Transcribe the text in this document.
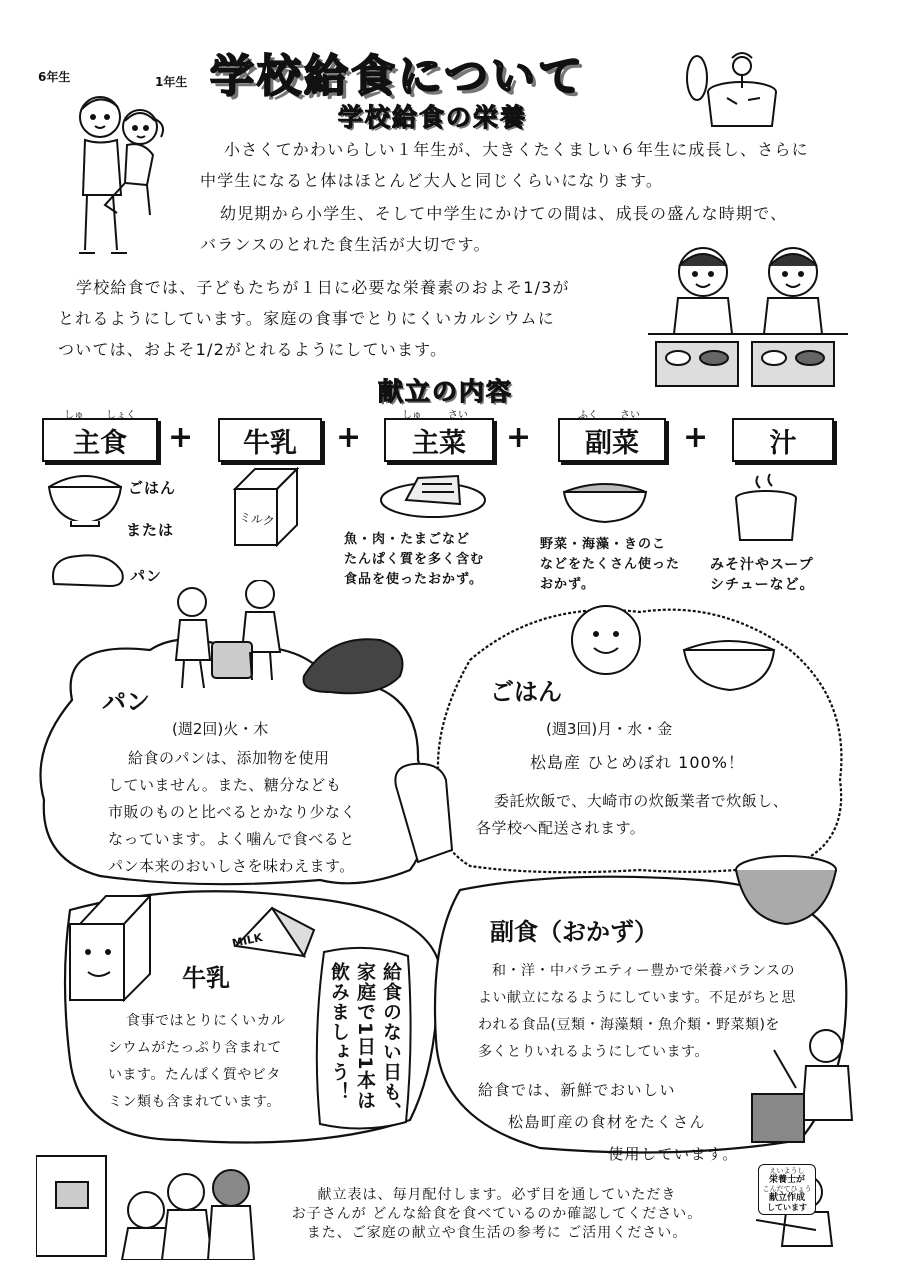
学校給食について
学校給食の栄養
6年生	1年生

小さくてかわいらしい１年生が、大きくたくましい６年生に成長し、さらに

中学生になると体はほとんど大人と同じくらいになります。

幼児期から小学生、そして中学生にかけての間は、成長の盛んな時期で、

バランスのとれた食生活が大切です。

学校給食では、子どもたちが１日に必要な栄養素のおよそ1/3が

とれるようにしています。家庭の食事でとりにくいカルシウムに

ついては、およそ1/2がとれるようにしています。

献立の内容
しゅ しょく
主食 + 牛乳 +
しゅ	さい
主菜 +
ふく さい
副菜 + 汁
ごはん
または
パン
ミルク
魚・肉・たまごなど
たんぱく質を多く含む
食品を使ったおかず。
野菜・海藻・きのこ
などをたくさん使った
おかず。
みそ汁やスープ
シチューなど。
給食のない日も、
家庭で1日1本は
飲みましょう！
パン
(週2回)火・木

給食のパンは、添加物を使用

していません。また、糖分なども

市販のものと比べるとかなり少なく

なっています。よく噛んで食べると

パン本来のおいしさを味わえます。

ごはん
(週3回)月・水・金
松島産 ひとめぼれ 100%！

委託炊飯で、大崎市の炊飯業者で炊飯し、

各学校へ配送されます。

牛乳

食事ではとりにくいカル

シウムがたっぷり含まれて

います。たんぱく質やビタ

ミン類も含まれています。

MILK	副食（おかず）

和・洋・中バラエティー豊かで栄養バランスの

よい献立になるようにしています。不足がちと思

われる食品(豆類・海藻類・魚介類・野菜類)を

多くとりいれるようにしています。

給食では、新鮮でおいしい
松島町産の食材をたくさん
使用しています。
献立表は、毎月配付します。必ず目を通していただき
お子さんが どんな給食を食べているのか確認してください。
また、ご家庭の献立や食生活の参考に ご活用ください。
えいようし
栄養士が
こんだてひょう
献立作成
しています
